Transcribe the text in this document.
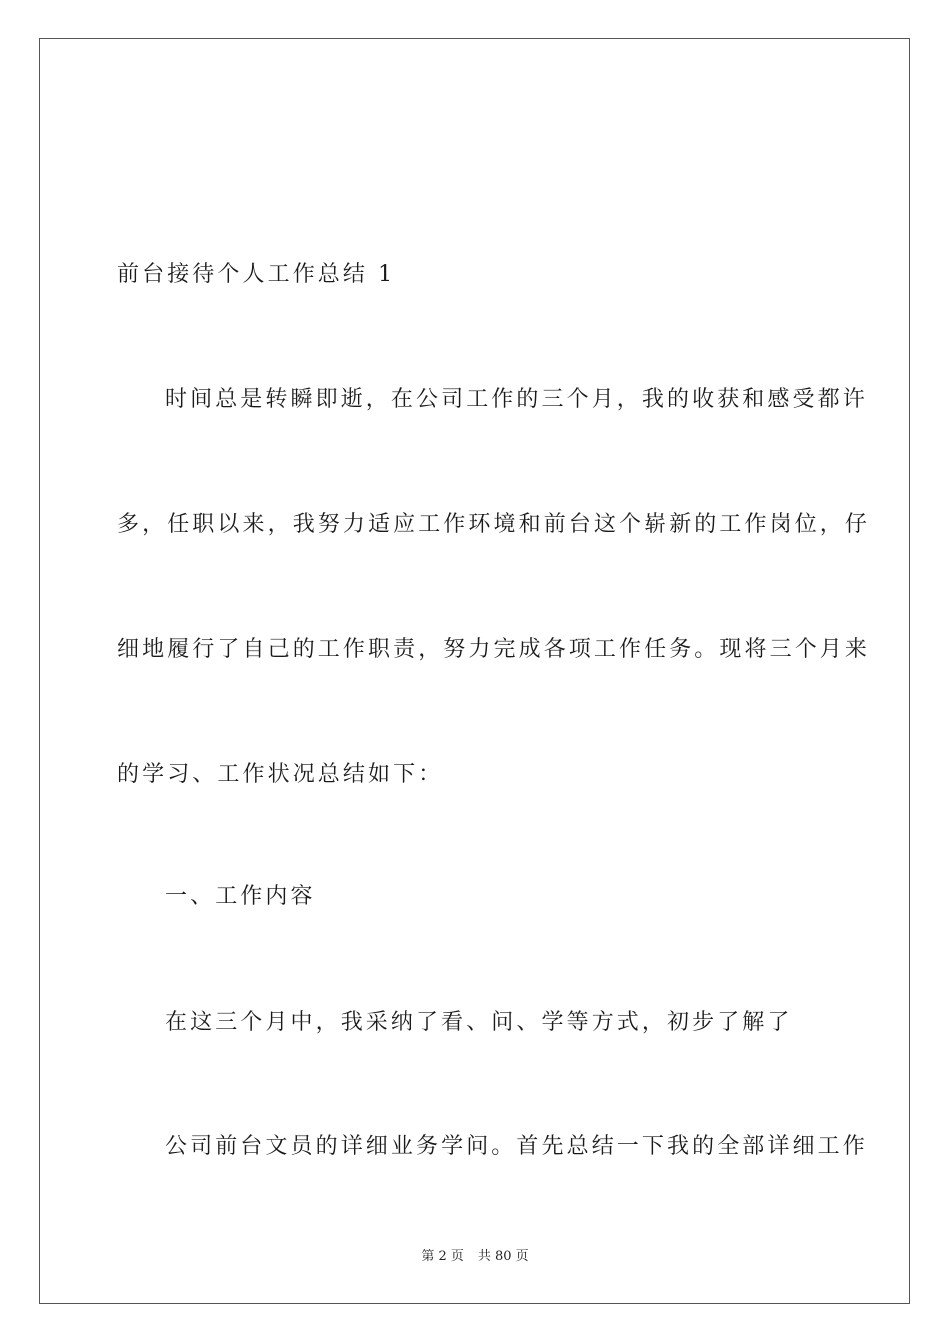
前台接待个人工作总结 1
时间总是转瞬即逝，在公司工作的三个月，我的收获和感受都许
多，任职以来，我努力适应工作环境和前台这个崭新的工作岗位，仔
细地履行了自己的工作职责，努力完成各项工作任务。现将三个月来
的学习、工作状况总结如下：
一、工作内容
在这三个月中，我采纳了看、问、学等方式，初步了解了
公司前台文员的详细业务学问。首先总结一下我的全部详细工作
第 2 页 共 80 页
